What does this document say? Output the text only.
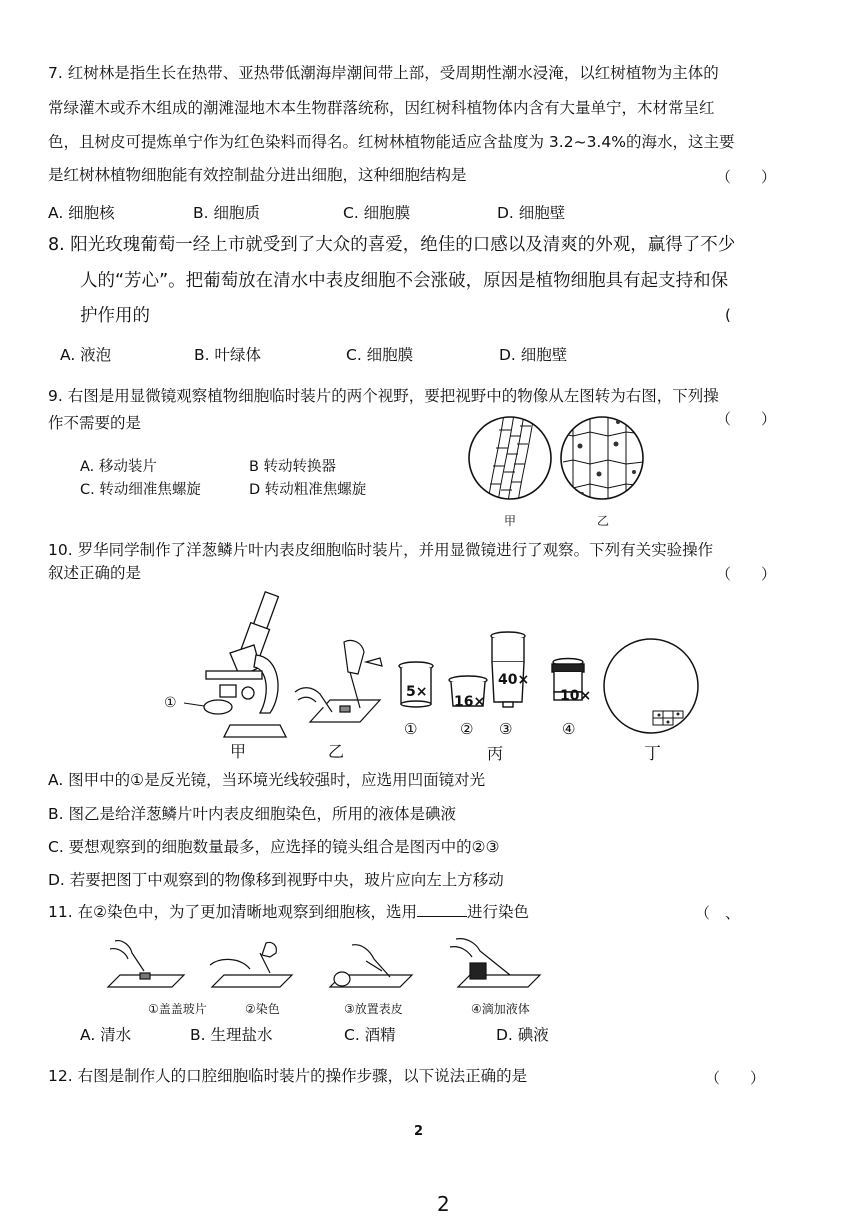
7. 红树林是指生长在热带、亚热带低潮海岸潮间带上部，受周期性潮水浸淹，以红树植物为主体的
常绿灌木或乔木组成的潮滩湿地木本生物群落统称，因红树科植物体内含有大量单宁，木材常呈红
色，且树皮可提炼单宁作为红色染料而得名。红树林植物能适应含盐度为 3.2~3.4%的海水，这主要
是红树林植物细胞能有效控制盐分进出细胞，这种细胞结构是	（　　）
A. 细胞核	B. 细胞质	C. 细胞膜	D. 细胞壁
8. 阳光玫瑰葡萄一经上市就受到了大众的喜爱，绝佳的口感以及清爽的外观，赢得了不少
人的“芳心”。把葡萄放在清水中表皮细胞不会涨破，原因是植物细胞具有起支持和保
护作用的	(
A. 液泡	B. 叶绿体	C. 细胞膜	D. 细胞壁
9. 右图是用显微镜观察植物细胞临时装片的两个视野，要把视野中的物像从左图转为右图，下列操
作不需要的是	（　　）
A. 移动装片	B 转动转换器
C. 转动细准焦螺旋	D 转动粗准焦螺旋
甲	乙
10. 罗华同学制作了洋葱鳞片叶内表皮细胞临时装片，并用显微镜进行了观察。下列有关实验操作
叙述正确的是	（　　）
①
甲	乙
5×
16×
40×
10×
①	② ③	④
丙	丁
A. 图甲中的①是反光镜，当环境光线较强时，应选用凹面镜对光
B. 图乙是给洋葱鳞片叶内表皮细胞染色，所用的液体是碘液
C. 要想观察到的细胞数量最多，应选择的镜头组合是图丙中的②③
D. 若要把图丁中观察到的物像移到视野中央，玻片应向左上方移动
11. 在②染色中，为了更加清晰地观察到细胞核，选用	进行染色	（　、
①盖盖玻片	②染色	③放置表皮	④滴加液体
A. 清水	B. 生理盐水	C. 酒精	D. 碘液
12. 右图是制作人的口腔细胞临时装片的操作步骤，以下说法正确的是	（　　）
2
2
